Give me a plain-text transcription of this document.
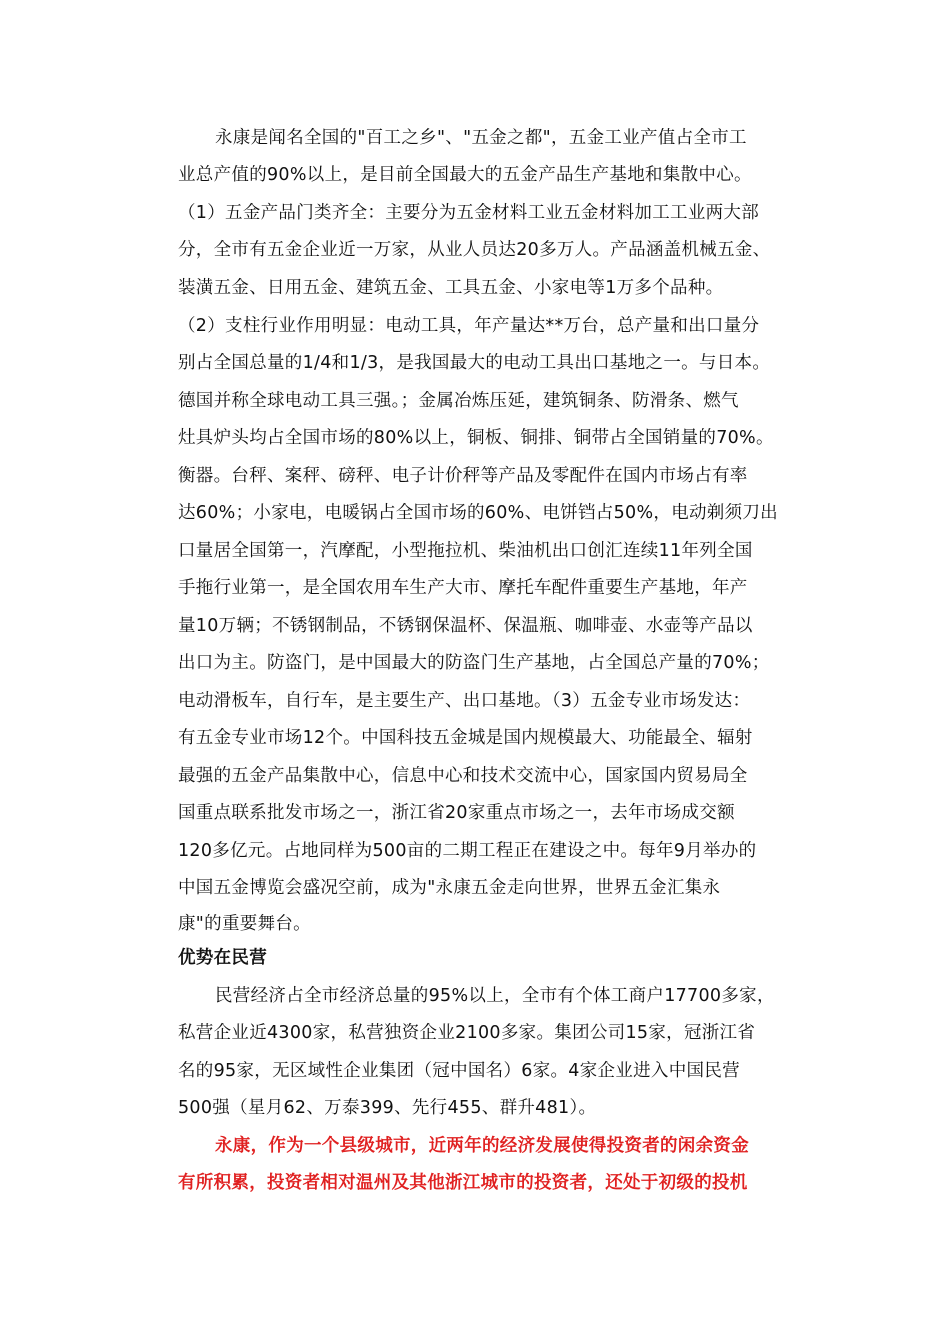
永康是闻名全国的"百工之乡"、"五金之都"，五金工业产值占全市工
业总产值的90%以上，是目前全国最大的五金产品生产基地和集散中心。
（1）五金产品门类齐全：主要分为五金材料工业五金材料加工工业两大部
分，全市有五金企业近一万家，从业人员达20多万人。产品涵盖机械五金、
装潢五金、日用五金、建筑五金、工具五金、小家电等1万多个品种。
（2）支柱行业作用明显：电动工具，年产量达**万台，总产量和出口量分
别占全国总量的1/4和1/3，是我国最大的电动工具出口基地之一。与日本。
德国并称全球电动工具三强。；金属冶炼压延，建筑铜条、防滑条、燃气
灶具炉头均占全国市场的80%以上，铜板、铜排、铜带占全国销量的70%。
衡器。台秤、案秤、磅秤、电子计价秤等产品及零配件在国内市场占有率
达60%；小家电，电暖锅占全国市场的60%、电饼铛占50%，电动剃须刀出
口量居全国第一，汽摩配，小型拖拉机、柴油机出口创汇连续11年列全国
手拖行业第一，是全国农用车生产大市、摩托车配件重要生产基地，年产
量10万辆；不锈钢制品，不锈钢保温杯、保温瓶、咖啡壶、水壶等产品以
出口为主。防盗门，是中国最大的防盗门生产基地，占全国总产量的70%；
电动滑板车，自行车，是主要生产、出口基地。（3）五金专业市场发达：
有五金专业市场12个。中国科技五金城是国内规模最大、功能最全、辐射
最强的五金产品集散中心，信息中心和技术交流中心，国家国内贸易局全
国重点联系批发市场之一，浙江省20家重点市场之一，去年市场成交额
120多亿元。占地同样为500亩的二期工程正在建设之中。每年9月举办的
中国五金博览会盛况空前，成为"永康五金走向世界，世界五金汇集永
康"的重要舞台。
优势在民营
民营经济占全市经济总量的95%以上，全市有个体工商户17700多家，
私营企业近4300家，私营独资企业2100多家。集团公司15家，冠浙江省
名的95家，无区域性企业集团（冠中国名）6家。4家企业进入中国民营
500强（星月62、万泰399、先行455、群升481）。
永康，作为一个县级城市，近两年的经济发展使得投资者的闲余资金
有所积累，投资者相对温州及其他浙江城市的投资者，还处于初级的投机
